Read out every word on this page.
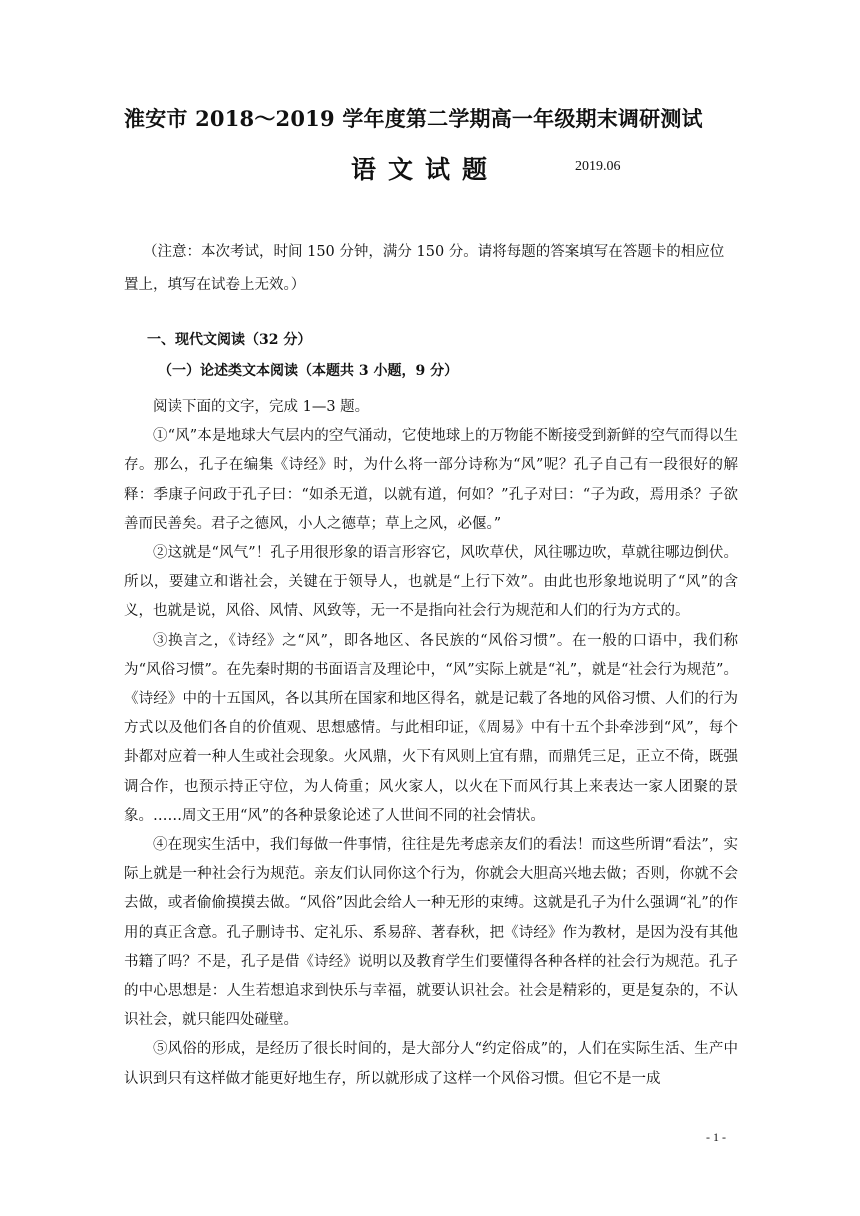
淮安市 2018～2019 学年度第二学期高一年级期末调研测试
语文试题	2019.06
（注意：本次考试，时间 150 分钟，满分 150 分。请将每题的答案填写在答题卡的相应位置上，填写在试卷上无效。）
一、现代文阅读（32 分）
（一）论述类文本阅读（本题共 3 小题，9 分）

阅读下面的文字，完成 1—3 题。

①“风”本是地球大气层内的空气涌动，它使地球上的万物能不断接受到新鲜的空气而得以生存。那么，孔子在编集《诗经》时，为什么将一部分诗称为“风”呢？孔子自己有一段很好的解释：季康子问政于孔子曰：“如杀无道，以就有道，何如？”孔子对曰：“子为政，焉用杀？子欲善而民善矣。君子之德风，小人之德草；草上之风，必偃。”

②这就是“风气”！孔子用很形象的语言形容它，风吹草伏，风往哪边吹，草就往哪边倒伏。所以，要建立和谐社会，关键在于领导人，也就是“上行下效”。由此也形象地说明了“风”的含义，也就是说，风俗、风情、风致等，无一不是指向社会行为规范和人们的行为方式的。

③换言之，《诗经》之“风”，即各地区、各民族的“风俗习惯”。在一般的口语中，我们称为“风俗习惯”。在先秦时期的书面语言及理论中，“风”实际上就是“礼”，就是“社会行为规范”。《诗经》中的十五国风，各以其所在国家和地区得名，就是记载了各地的风俗习惯、人们的行为方式以及他们各自的价值观、思想感情。与此相印证，《周易》中有十五个卦牵涉到“风”，每个卦都对应着一种人生或社会现象。火风鼎，火下有风则上宜有鼎，而鼎凭三足，正立不倚，既强调合作，也预示持正守位，为人倚重；风火家人，以火在下而风行其上来表达一家人团聚的景象。……周文王用“风”的各种景象论述了人世间不同的社会情状。

④在现实生活中，我们每做一件事情，往往是先考虑亲友们的看法！而这些所谓“看法”，实际上就是一种社会行为规范。亲友们认同你这个行为，你就会大胆高兴地去做；否则，你就不会去做，或者偷偷摸摸去做。“风俗”因此会给人一种无形的束缚。这就是孔子为什么强调“礼”的作用的真正含意。孔子删诗书、定礼乐、系易辞、著春秋，把《诗经》作为教材，是因为没有其他书籍了吗？不是，孔子是借《诗经》说明以及教育学生们要懂得各种各样的社会行为规范。孔子的中心思想是：人生若想追求到快乐与幸福，就要认识社会。社会是精彩的，更是复杂的，不认识社会，就只能四处碰壁。

⑤风俗的形成，是经历了很长时间的，是大部分人“约定俗成”的，人们在实际生活、生产中认识到只有这样做才能更好地生存，所以就形成了这样一个风俗习惯。但它不是一成

- 1 -
